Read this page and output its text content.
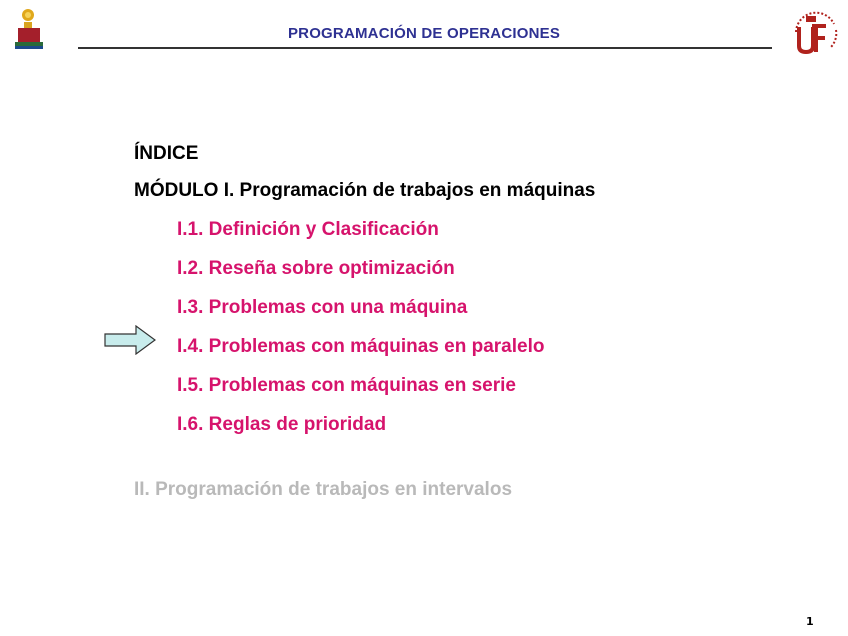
PROGRAMACIÓN DE OPERACIONES
ÍNDICE
MÓDULO I. Programación de trabajos en máquinas
I.1. Definición y Clasificación
I.2. Reseña sobre optimización
I.3. Problemas con una máquina
I.4. Problemas con máquinas en paralelo
I.5. Problemas con máquinas en serie
I.6. Reglas de prioridad
II. Programación de trabajos en intervalos
1
